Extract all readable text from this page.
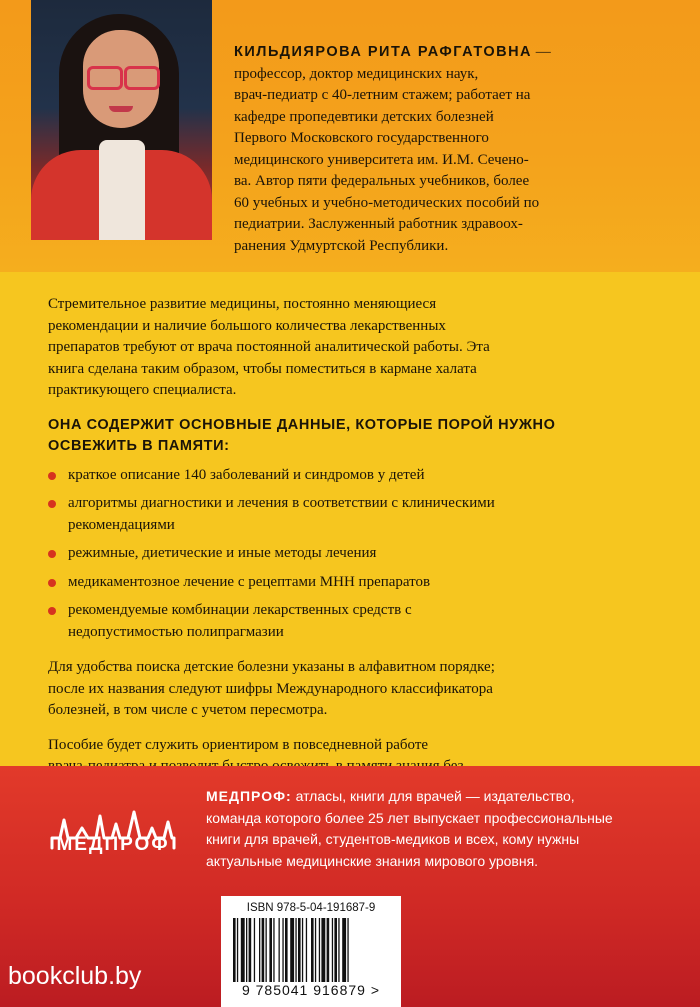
КИЛЬДИЯРОВА РИТА РАФГАТОВНА —
профессор, доктор медицинских наук,
врач-педиатр с 40-летним стажем; работает на
кафедре пропедевтики детских болезней
Первого Московского государственного
медицинского университета им. И.М. Сечено-
ва. Автор пяти федеральных учебников, более
60 учебных и учебно-методических пособий по
педиатрии. Заслуженный работник здравоох-
ранения Удмуртской Республики.

Стремительное развитие медицины, постоянно меняющиеся
рекомендации и наличие большого количества лекарственных
препаратов требуют от врача постоянной аналитической работы. Эта
книга сделана таким образом, чтобы поместиться в кармане халата
практикующего специалиста.

ОНА СОДЕРЖИТ ОСНОВНЫЕ ДАННЫЕ, КОТОРЫЕ ПОРОЙ НУЖНО
ОСВЕЖИТЬ В ПАМЯТИ:
краткое описание 140 заболеваний и синдромов у детей
алгоритмы диагностики и лечения в соответствии с клиническими
рекомендациями
режимные, диетические и иные методы лечения
медикаментозное лечение с рецептами МНН препаратов
рекомендуемые комбинации лекарственных средств с
недопустимостью полипрагмазии

Для удобства поиска детские болезни указаны в алфавитном порядке;
после их названия следуют шифры Международного классификатора
болезней, в том числе с учетом пересмотра.

Пособие будет служить ориентиром в повседневной работе

МЕДПРОФ
МЕДПРОФ: атласы, книги для врачей — издательство,
команда которого более 25 лет выпускает профессиональные
книги для врачей, студентов-медиков и всех, кому нужны
актуальные медицинские знания мирового уровня.
ISBN 978-5-04-191687-9
9 785041 916879 >
bookclub.by
